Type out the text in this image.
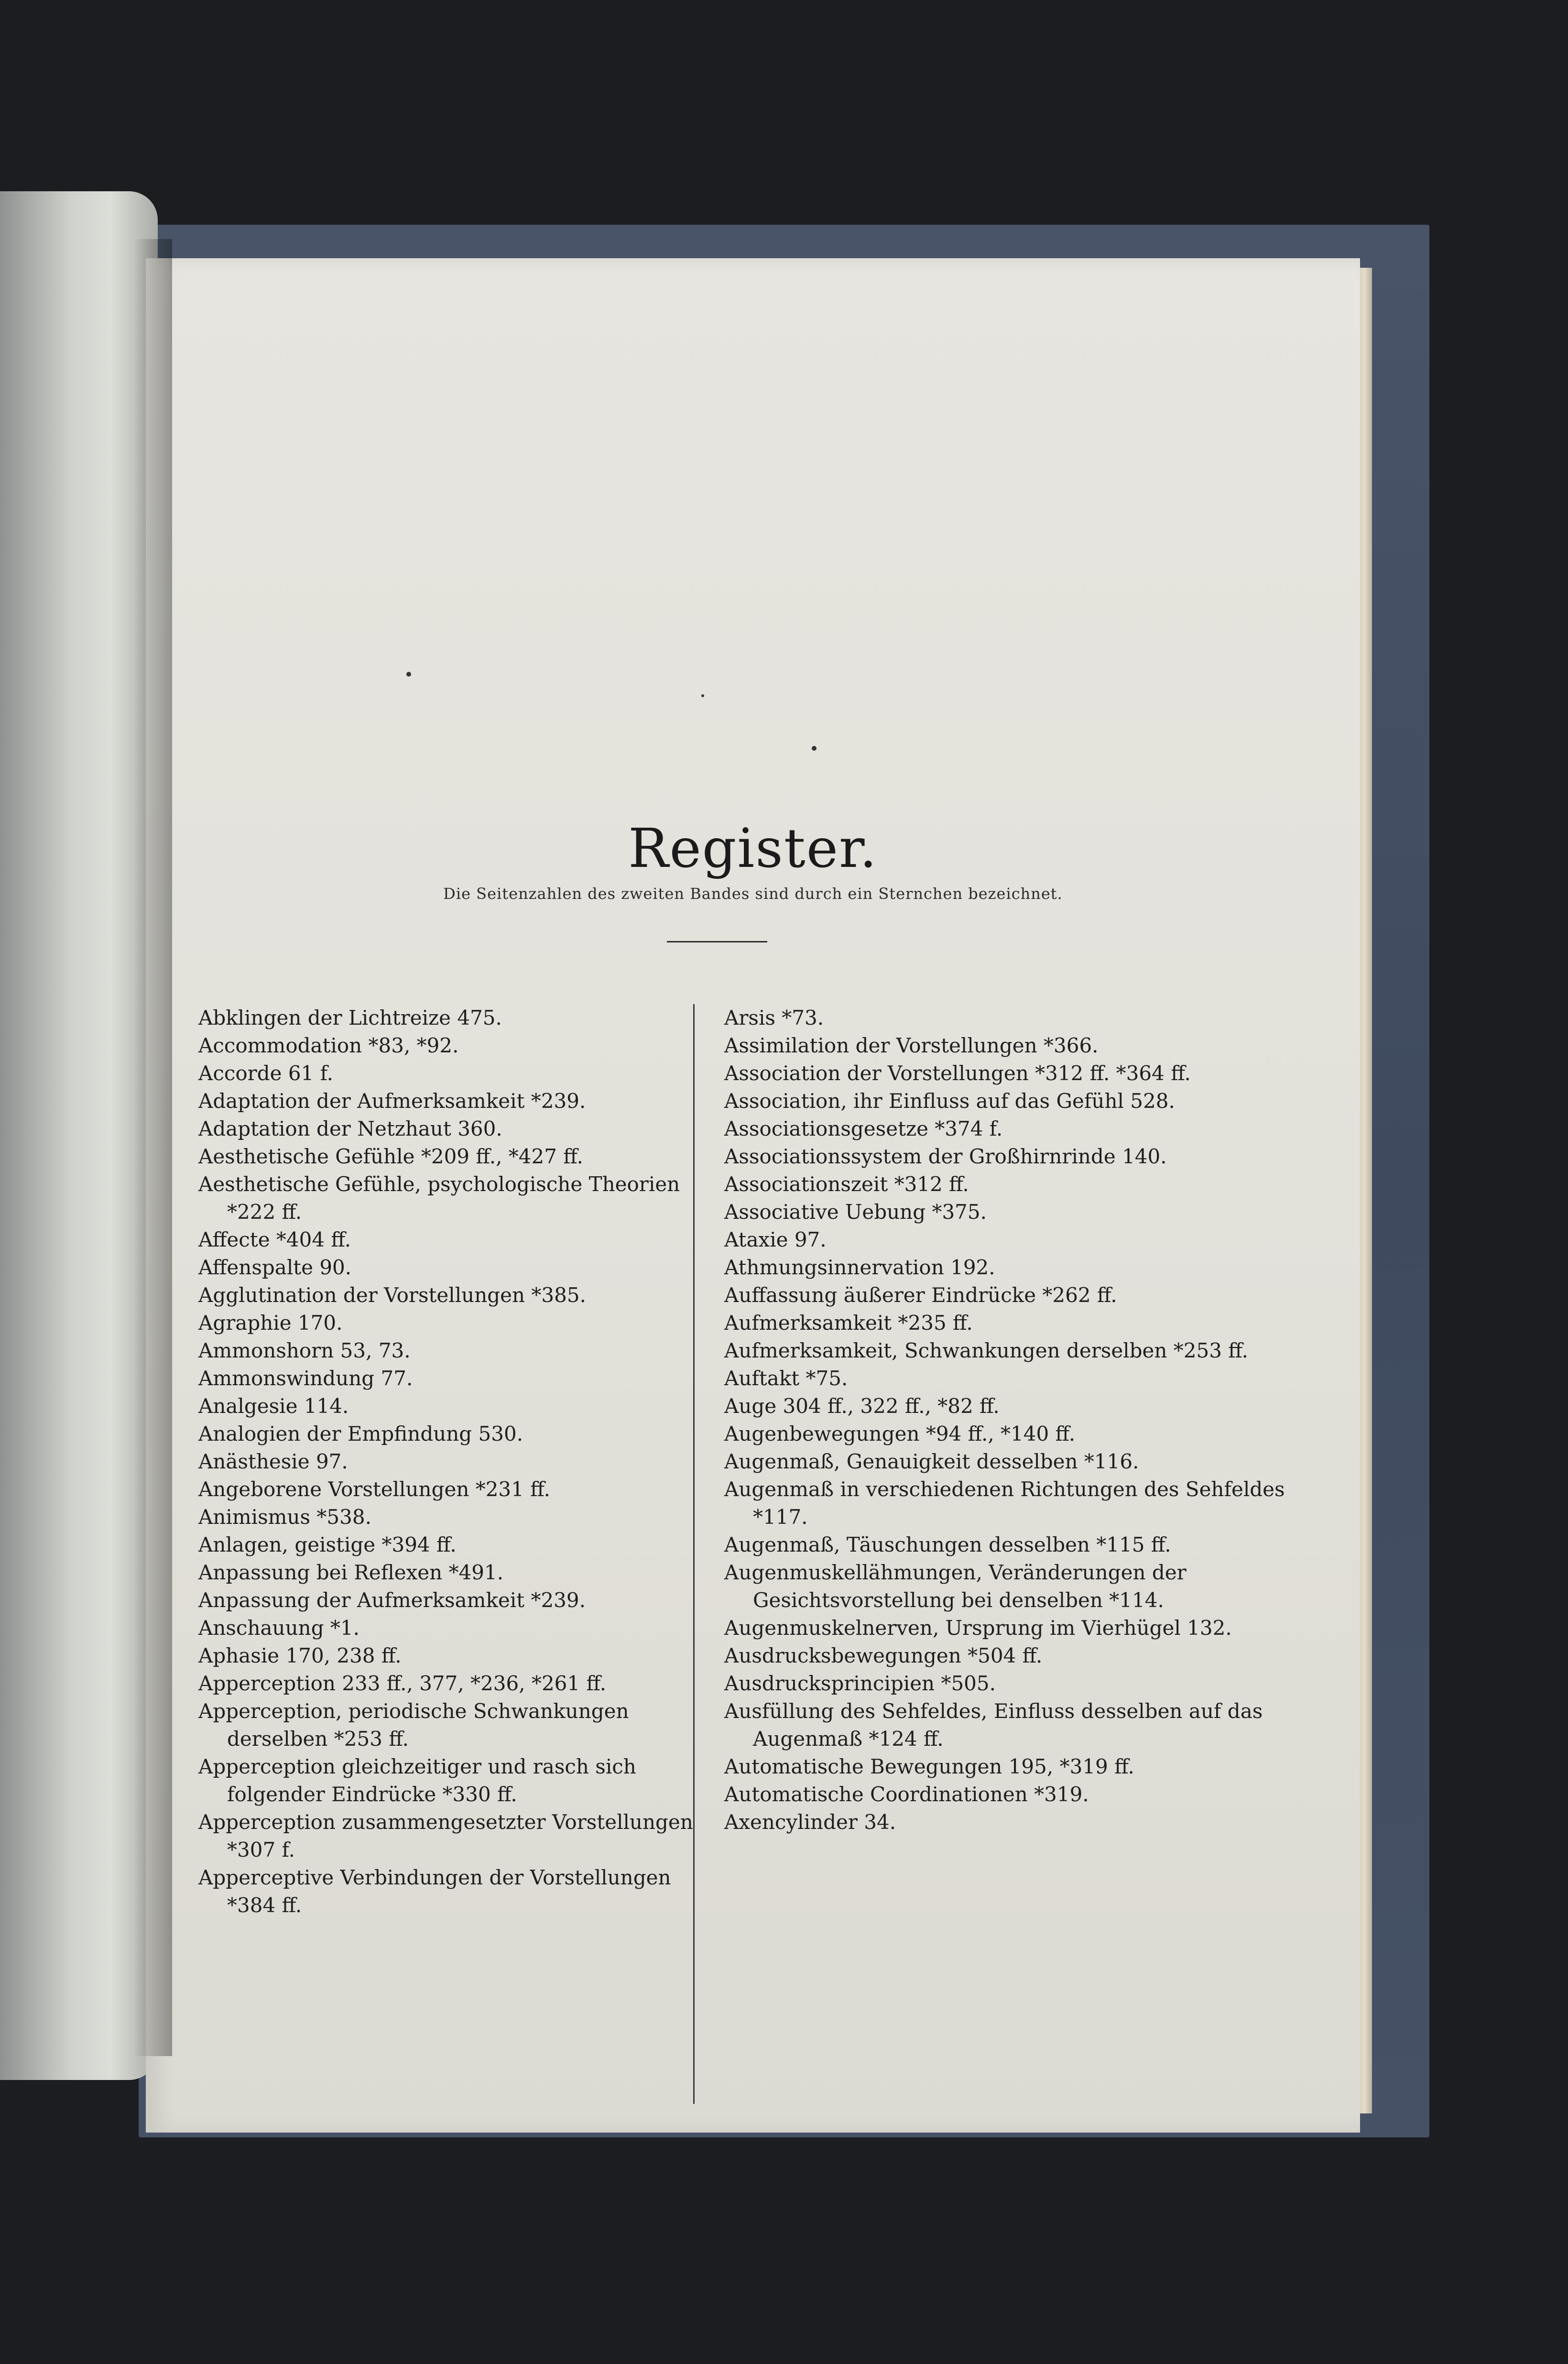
Register.
Die Seitenzahlen des zweiten Bandes sind durch ein Sternchen bezeichnet.
Abklingen der Lichtreize 475.
Accommodation *83, *92.
Accorde 61 f.
Adaptation der Aufmerksamkeit *239.
Adaptation der Netzhaut 360.
Aesthetische Gefühle *209 ff., *427 ff.
Aesthetische Gefühle, psychologische Theorien *222 ff.
Affecte *404 ff.
Affenspalte 90.
Agglutination der Vorstellungen *385.
Agraphie 170.
Ammonshorn 53, 73.
Ammonswindung 77.
Analgesie 114.
Analogien der Empfindung 530.
Anästhesie 97.
Angeborene Vorstellungen *231 ff.
Animismus *538.
Anlagen, geistige *394 ff.
Anpassung bei Reflexen *491.
Anpassung der Aufmerksamkeit *239.
Anschauung *1.
Aphasie 170, 238 ff.
Apperception 233 ff., 377, *236, *261 ff.
Apperception, periodische Schwankungen derselben *253 ff.
Apperception gleichzeitiger und rasch sich folgender Eindrücke *330 ff.
Apperception zusammengesetzter Vorstellungen *307 f.
Apperceptive Verbindungen der Vorstellungen *384 ff.
Arsis *73.
Assimilation der Vorstellungen *366.
Association der Vorstellungen *312 ff. *364 ff.
Association, ihr Einfluss auf das Gefühl 528.
Associationsgesetze *374 f.
Associationssystem der Großhirnrinde 140.
Associationszeit *312 ff.
Associative Uebung *375.
Ataxie 97.
Athmungsinnervation 192.
Auffassung äußerer Eindrücke *262 ff.
Aufmerksamkeit *235 ff.
Aufmerksamkeit, Schwankungen derselben *253 ff.
Auftakt *75.
Auge 304 ff., 322 ff., *82 ff.
Augenbewegungen *94 ff., *140 ff.
Augenmaß, Genauigkeit desselben *116.
Augenmaß in verschiedenen Richtungen des Sehfeldes *117.
Augenmaß, Täuschungen desselben *115 ff.
Augenmuskellähmungen, Veränderungen der Gesichtsvorstellung bei denselben *114.
Augenmuskelnerven, Ursprung im Vierhügel 132.
Ausdrucksbewegungen *504 ff.
Ausdrucksprincipien *505.
Ausfüllung des Sehfeldes, Einfluss desselben auf das Augenmaß *124 ff.
Automatische Bewegungen 195, *319 ff.
Automatische Coordinationen *319.
Axencylinder 34.
